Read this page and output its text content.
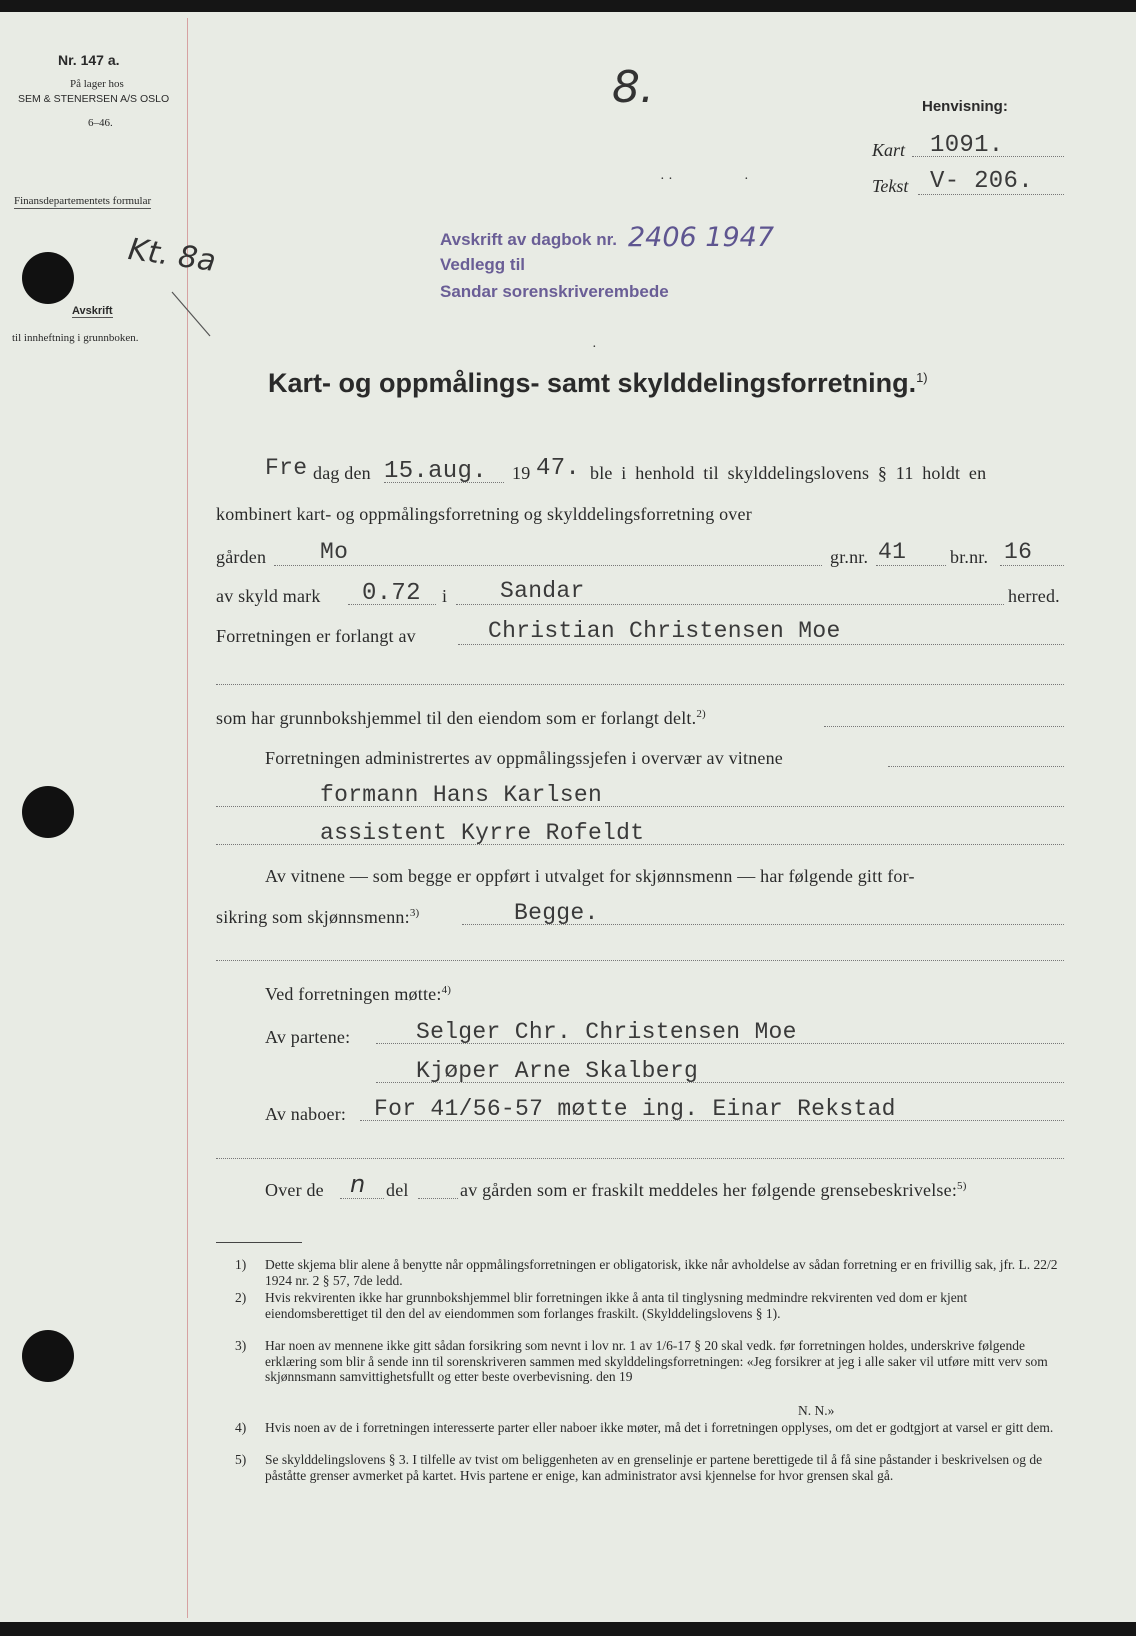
Nr. 147 a.
På lager hos
SEM & STENERSEN A/S OSLO
6–46.
Finansdepartementets formular
Avskrift
til innheftning i grunnboken.
Kt. 8a
8.
· ·	·
Henvisning:
Kart 1091.
Tekst V- 206.
Avskrift av dagbok nr. 2406 1947
Vedlegg til
Sandar sorenskriverembede
·
Kart- og oppmålings- samt skylddelingsforretning.$^{1)}$
Fre dag den 15.aug. 19 47. ble i henhold til skylddelingslovens § 11 holdt en
kombinert kart- og oppmålingsforretning og skylddelingsforretning over
gården Mo	gr.nr. 41 br.nr. 16
av skyld mark 0.72 i Sandar	herred.
Forretningen er forlangt av	Christian Christensen Moe
som har grunnbokshjemmel til den eiendom som er forlangt delt.$^{2)}$
Forretningen administrertes av oppmålingssjefen i overvær av vitnene
formann Hans Karlsen
assistent Kyrre Rofeldt
Av vitnene — som begge er oppført i utvalget for skjønnsmenn — har følgende gitt for-
sikring som skjønnsmenn:$^{3)}$	Begge.
Ved forretningen møtte:$^{4)}$
Av partene:	Selger Chr. Christensen Moe
Kjøper Arne Skalberg
Av naboer: For 41/56-57 møtte ing. Einar Rekstad
Over de n del	av gården som er fraskilt meddeles her følgende grensebeskrivelse:$^{5)}$
1) Dette skjema blir alene å benytte når oppmålingsforretningen er obligatorisk, ikke når avholdelse av sådan forretning er en frivillig sak, jfr. L. 22/2 1924 nr. 2 § 57, 7de ledd.
2) Hvis rekvirenten ikke har grunnbokshjemmel blir forretningen ikke å anta til tinglysning medmindre rekvirenten ved dom er kjent eiendomsberettiget til den del av eiendommen som forlanges fraskilt. (Skylddelingslovens § 1).
3) Har noen av mennene ikke gitt sådan forsikring som nevnt i lov nr. 1 av 1/6-17 § 20 skal vedk. før forretningen holdes, underskrive følgende erklæring som blir å sende inn til sorenskriveren sammen med skylddelingsforretningen: «Jeg forsikrer at jeg i alle saker vil utføre mitt verv som skjønnsmann samvittighetsfullt og etter beste overbevisning. den 19
N. N.»
4) Hvis noen av de i forretningen interesserte parter eller naboer ikke møter, må det i forretningen opplyses, om det er godtgjort at varsel er gitt dem.
5) Se skylddelingslovens § 3. I tilfelle av tvist om beliggenheten av en grenselinje er partene berettigede til å få sine påstander i beskrivelsen og de påståtte grenser avmerket på kartet. Hvis partene er enige, kan administrator avsi kjennelse for hvor grensen skal gå.
